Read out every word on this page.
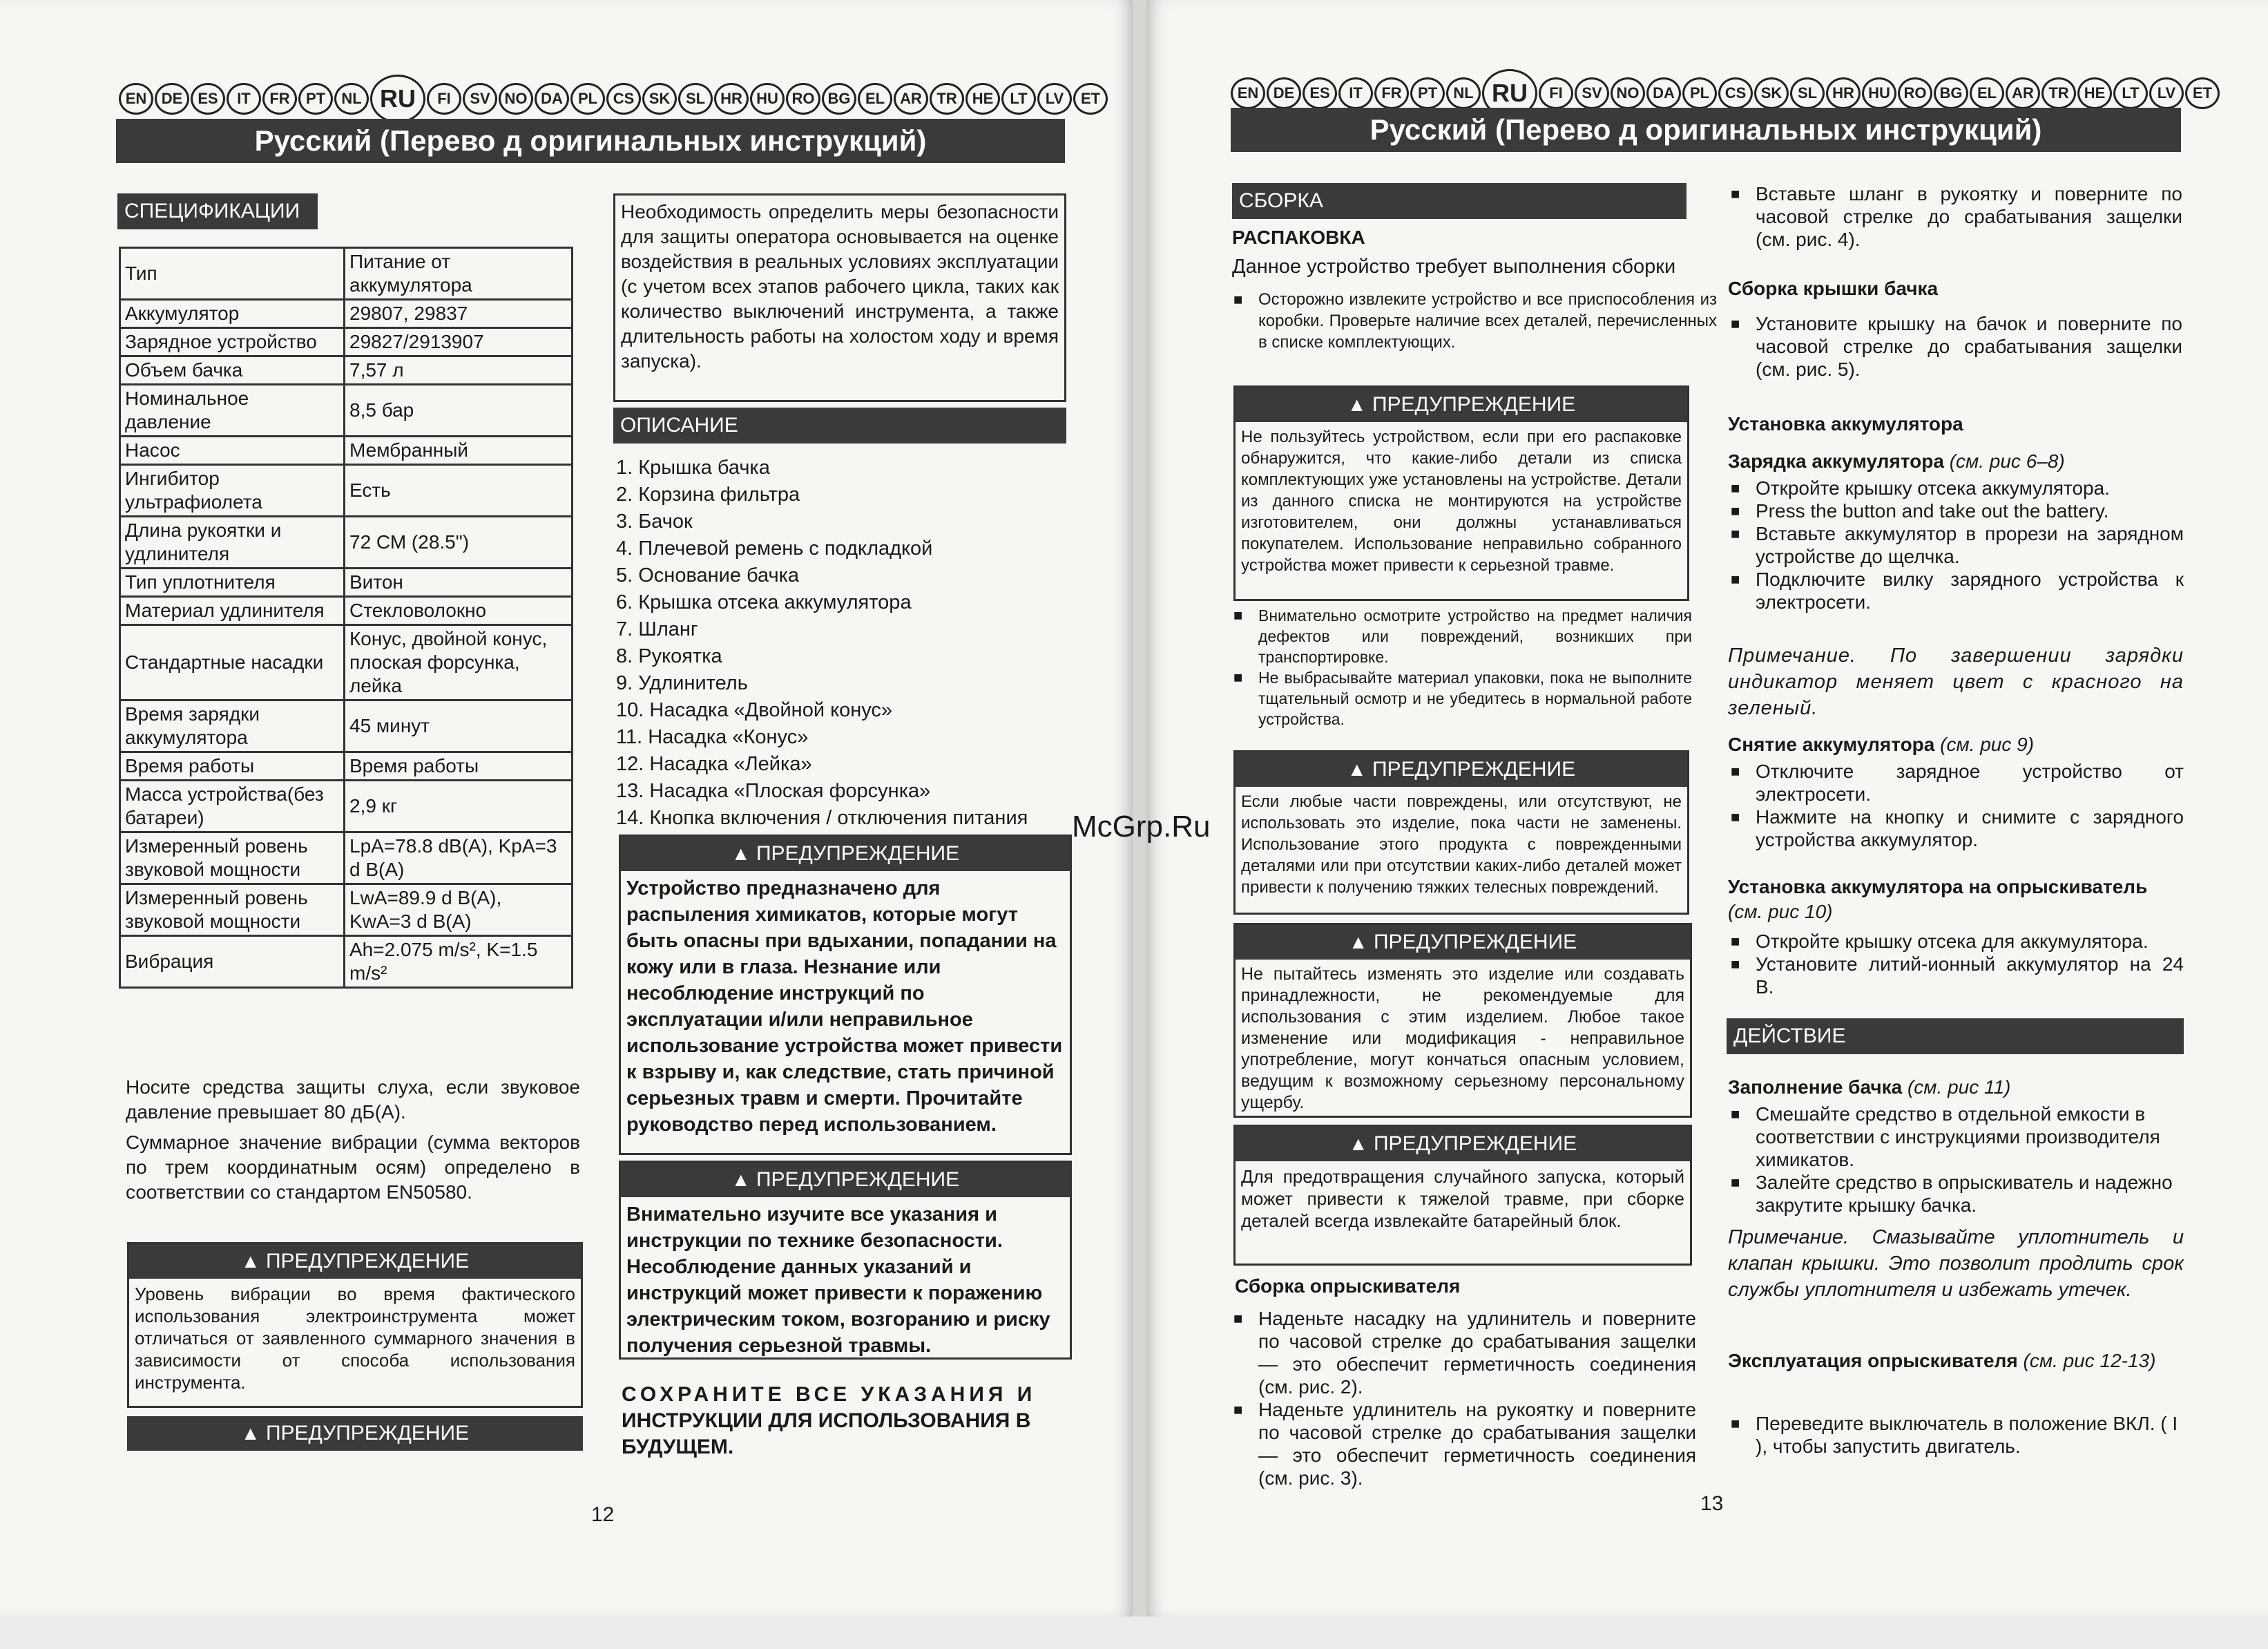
EN DE	ES	IT	FR	PT	NL RU	FI	SV NO DA	PL	CS SK	SL	HR HU RO BG EL	AR TR	HE	LT	LV	ET
Русский (Перево д оригинальных инструкций)
СПЕЦИФИКАЦИИ
Тип	Питание от аккумулятора
Аккумулятор	29807, 29837
Зарядное устройство	29827/2913907
Объем бачка	7,57 л
Номинальное давление	8,5 бар
Насос	Мембранный
Ингибитор ультрафиолета	Есть
Длина рукоятки и удлинителя	72 СМ (28.5")
Тип уплотнителя	Витон
Материал удлинителя	Стекловолокно
Стандартные насадки	Конус, двойной конус, плоская форсунка, лейка
Время зарядки аккумулятора	45 минут
Время работы	Время работы
Масса устройства(без батареи)	2,9 кг
Измеренный ровень звуковой мощности	LpA=78.8 dB(A), KpA=3 d B(A)
Измеренный ровень звуковой мощности	LwA=89.9 d B(A), KwA=3 d B(A)
Вибрация	Ah=2.075 m/s², K=1.5 m/s²
Носите средства защиты слуха, если звуковое давление превышает 80 дБ(А).
Суммарное значение вибрации (сумма векторов по трем координатным осям) определено в соответствии со стандартом EN50580.
▲ ПРЕДУПРЕЖДЕНИЕ
Уровень вибрации во время фактического использования электроинструмента может отличаться от заявленного суммарного значения в зависимости от способа использования инструмента.
▲ ПРЕДУПРЕЖДЕНИЕ
Необходимость определить меры безопасности для защиты оператора основывается на оценке воздействия в реальных условиях эксплуатации (с учетом всех этапов рабочего цикла, таких как количество выключений инструмента, а также длительность работы на холостом ходу и время запуска).
ОПИСАНИЕ
1. Крышка бачка
2. Корзина фильтра
3. Бачок
4. Плечевой ремень с подкладкой
5. Основание бачка
6. Крышка отсека аккумулятора
7. Шланг
8. Рукоятка
9. Удлинитель
10. Насадка «Двойной конус»
11. Насадка «Конус»
12. Насадка «Лейка»
13. Насадка «Плоская форсунка»
14. Кнопка включения / отключения питания
▲ ПРЕДУПРЕЖДЕНИЕ
Устройство предназначено для распыления химикатов, которые могут быть опасны при вдыхании, попадании на кожу или в глаза. Незнание или несоблюдение инструкций по эксплуатации и/или неправильное использование устройства может привести к взрыву и, как следствие, стать причиной серьезных травм и смерти. Прочитайте руководство перед использованием.
▲ ПРЕДУПРЕЖДЕНИЕ
Внимательно изучите все указания и инструкции по технике безопасности. Несоблюдение данных указаний и инструкций может привести к поражению электрическим током, возгоранию и риску получения серьезной травмы.
СОХРАНИТЕ ВСЕ УКАЗАНИЯ И
ИНСТРУКЦИИ ДЛЯ ИСПОЛЬЗОВАНИЯ В БУДУЩЕМ.
12
McGrp.Ru
EN DE	ES	IT	FR	PT	NL RU	FI	SV NO DA	PL	CS SK	SL	HR HU RO BG EL	AR TR	HE	LT	LV	ET
Русский (Перево д оригинальных инструкций)
СБОРКА
РАСПАКОВКА
Данное устройство требует выполнения сборки
■ Осторожно извлеките устройство и все приспособления из коробки. Проверьте наличие всех деталей, перечисленных в списке комплектующих.
▲ ПРЕДУПРЕЖДЕНИЕ
Не пользуйтесь устройством, если при его распаковке обнаружится, что какие-либо детали из списка комплектующих уже установлены на устройстве. Детали из данного списка не монтируются на устройстве изготовителем, они должны устанавливаться покупателем. Использование неправильно собранного устройства может привести к серьезной травме.
■ Внимательно осмотрите устройство на предмет наличия дефектов или повреждений, возникших при транспортировке.
■ Не выбрасывайте материал упаковки, пока не выполните тщательный осмотр и не убедитесь в нормальной работе устройства.
▲ ПРЕДУПРЕЖДЕНИЕ
Если любые части повреждены, или отсутствуют, не использовать это изделие, пока части не заменены. Использование этого продукта с поврежденными деталями или при отсутствии каких-либо деталей может привести к получению тяжких телесных повреждений.
▲ ПРЕДУПРЕЖДЕНИЕ
Не пытайтесь изменять это изделие или создавать принадлежности, не рекомендуемые для использования с этим изделием. Любое такое изменение или модификация - неправильное употребление, могут кончаться опасным условием, ведущим к возможному серьезному персональному ущербу.
▲ ПРЕДУПРЕЖДЕНИЕ
Для предотвращения случайного запуска, который может привести к тяжелой травме, при сборке деталей всегда извлекайте батарейный блок.
Сборка опрыскивателя
■ Наденьте насадку на удлинитель и поверните по часовой стрелке до срабатывания защелки — это обеспечит герметичность соединения (см. рис. 2).
■ Наденьте удлинитель на рукоятку и поверните по часовой стрелке до срабатывания защелки — это обеспечит герметичность соединения (см. рис. 3).
13
■ Вставьте шланг в рукоятку и поверните по часовой стрелке до срабатывания защелки (см. рис. 4).
Сборка крышки бачка
■ Установите крышку на бачок и поверните по часовой стрелке до срабатывания защелки (см. рис. 5).
Установка аккумулятора
Зарядка аккумулятора (см. рис 6–8)
■ Откройте крышку отсека аккумулятора.
■ Press the button and take out the battery.
■ Вставьте аккумулятор в прорези на зарядном устройстве до щелчка.
■ Подключите вилку зарядного устройства к электросети.
Примечание. По завершении зарядки индикатор меняет цвет с красного на зеленый.
Снятие аккумулятора (см. рис 9)
■ Отключите зарядное устройство от электросети.
■ Нажмите на кнопку и снимите с зарядного устройства аккумулятор.
Установка аккумулятора на опрыскиватель (см. рис 10)
■ Откройте крышку отсека для аккумулятора.
■ Установите литий-ионный аккумулятор на 24 В.
ДЕЙСТВИЕ
Заполнение бачка (см. рис 11)
■ Смешайте средство в отдельной емкости в соответствии с инструкциями производителя химикатов.
■ Залейте средство в опрыскиватель и надежно закрутите крышку бачка.
Примечание. Смазывайте уплотнитель и клапан крышки. Это позволит продлить срок службы уплотнителя и избежать утечек.
Эксплуатация опрыскивателя (см. рис 12-13)
■ Переведите выключатель в положение ВКЛ. ( I ), чтобы запустить двигатель.
